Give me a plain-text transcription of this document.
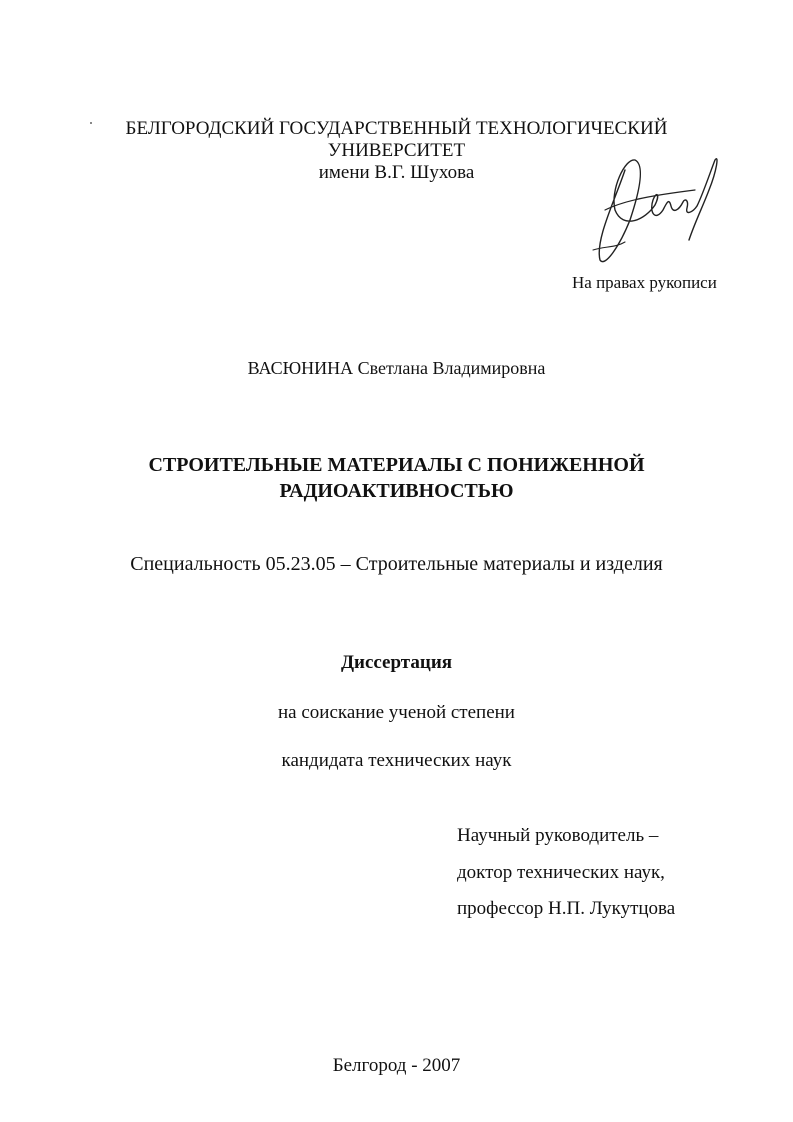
БЕЛГОРОДСКИЙ ГОСУДАРСТВЕННЫЙ ТЕХНОЛОГИЧЕСКИЙ
УНИВЕРСИТЕТ
имени В.Г. Шухова
На правах рукописи
ВАСЮНИНА Светлана Владимировна
СТРОИТЕЛЬНЫЕ МАТЕРИАЛЫ С ПОНИЖЕННОЙ
РАДИОАКТИВНОСТЬЮ
Специальность 05.23.05 – Строительные материалы и изделия
Диссертация
на соискание ученой степени
кандидата технических наук
Научный руководитель –
доктор технических наук,
профессор Н.П. Лукутцова
Белгород - 2007
